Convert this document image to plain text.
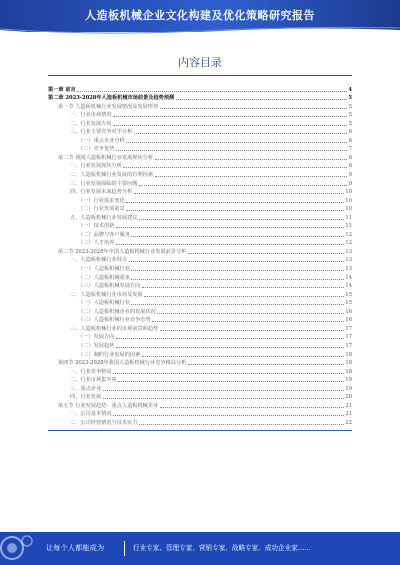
人造板机械企业文化构建及优化策略研究报告
内容目录
第一章 前言	4
第二章 2023-2028年人造板机械市场前景及趋势预测	5
第一节 人造板机械行业发展情况及发展形势	5
一、行业市场情况	5
二、行业发展方向	5
三、行业主要竞争对手分析	6
（一）重点企业分析	6
（二）竞争优势	7
第二节 我国人造板机械行业发展现状分析	8
一、行业发展现状分析	8
二、人造板机械行业发展的有利因素	9
三、行业发展面临的主要问题	9
四、行业发展未来趋势分析	10
（一）行业需求变化	10
（二）行业发展前景	10
五、人造板机械行业发展建议	11
（一）技术创新	11
（二）品牌与客户服务	12
（三）人才培养	12
第三节 2023-2028年中国人造板机械行业发展前景分析	13
一、人造板机械行业特点	13
（一）人造板机械行业	13
（二）人造板机械需求	14
（三）人造板机械发展方向	14
二、人造板机械行业市场及发展	15
（一）人造板机械行业	15
（二）人造板机械企业的发展状况	16
（三）人造板机械行业竞争态势	16
三、人造板机械行业的市场前景和趋势	17
（一）发展方向	17
（二）发展趋势	17
（三）制约行业发展的因素	18
第四节 2023-2028年我国人造板机械行业竞争格局分析	18
一、行业竞争格局	18
二、行业市场集中度	19
三、重点企业	19
四、行业发展	20
第五节 行业发展趋势：重点人造板机械企业	21
一、公司基本情况	21
二、公司经营情况与技术实力	22
让每个人都能成为	行业专家、管理专家、营销专家、战略专家、成功企业家……
